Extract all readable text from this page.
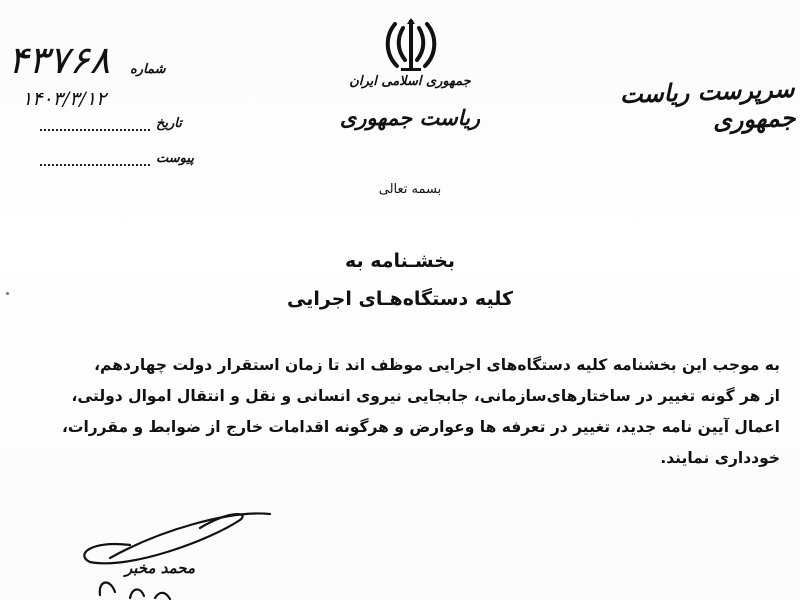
جمهوری اسلامی ایران
ریاست جمهوری
سرپرست ریاست جمهوری
۴۳۷۶۸ شماره
۱۴۰۳/۳/۱۲
تاریخ
پیوست
بسمه تعالی
بخشـنامه به
کلیه دستگاه‌هـای اجرایی
به موجب این بخشنامه کلیه دستگاه‌های اجرایی موظف اند تا زمان استقرار دولت چهاردهم،
از هر گونه تغییر در ساختارهای‌سازمانی، جابجایی نیروی انسانی و نقل و انتقال اموال دولتی،
اعمال آیین نامه جدید، تغییر در تعرفه ها وعوارض و هرگونه اقدامات خارج از ضوابط و مقررات،
خودداری نمایند.
محمد مخبر
